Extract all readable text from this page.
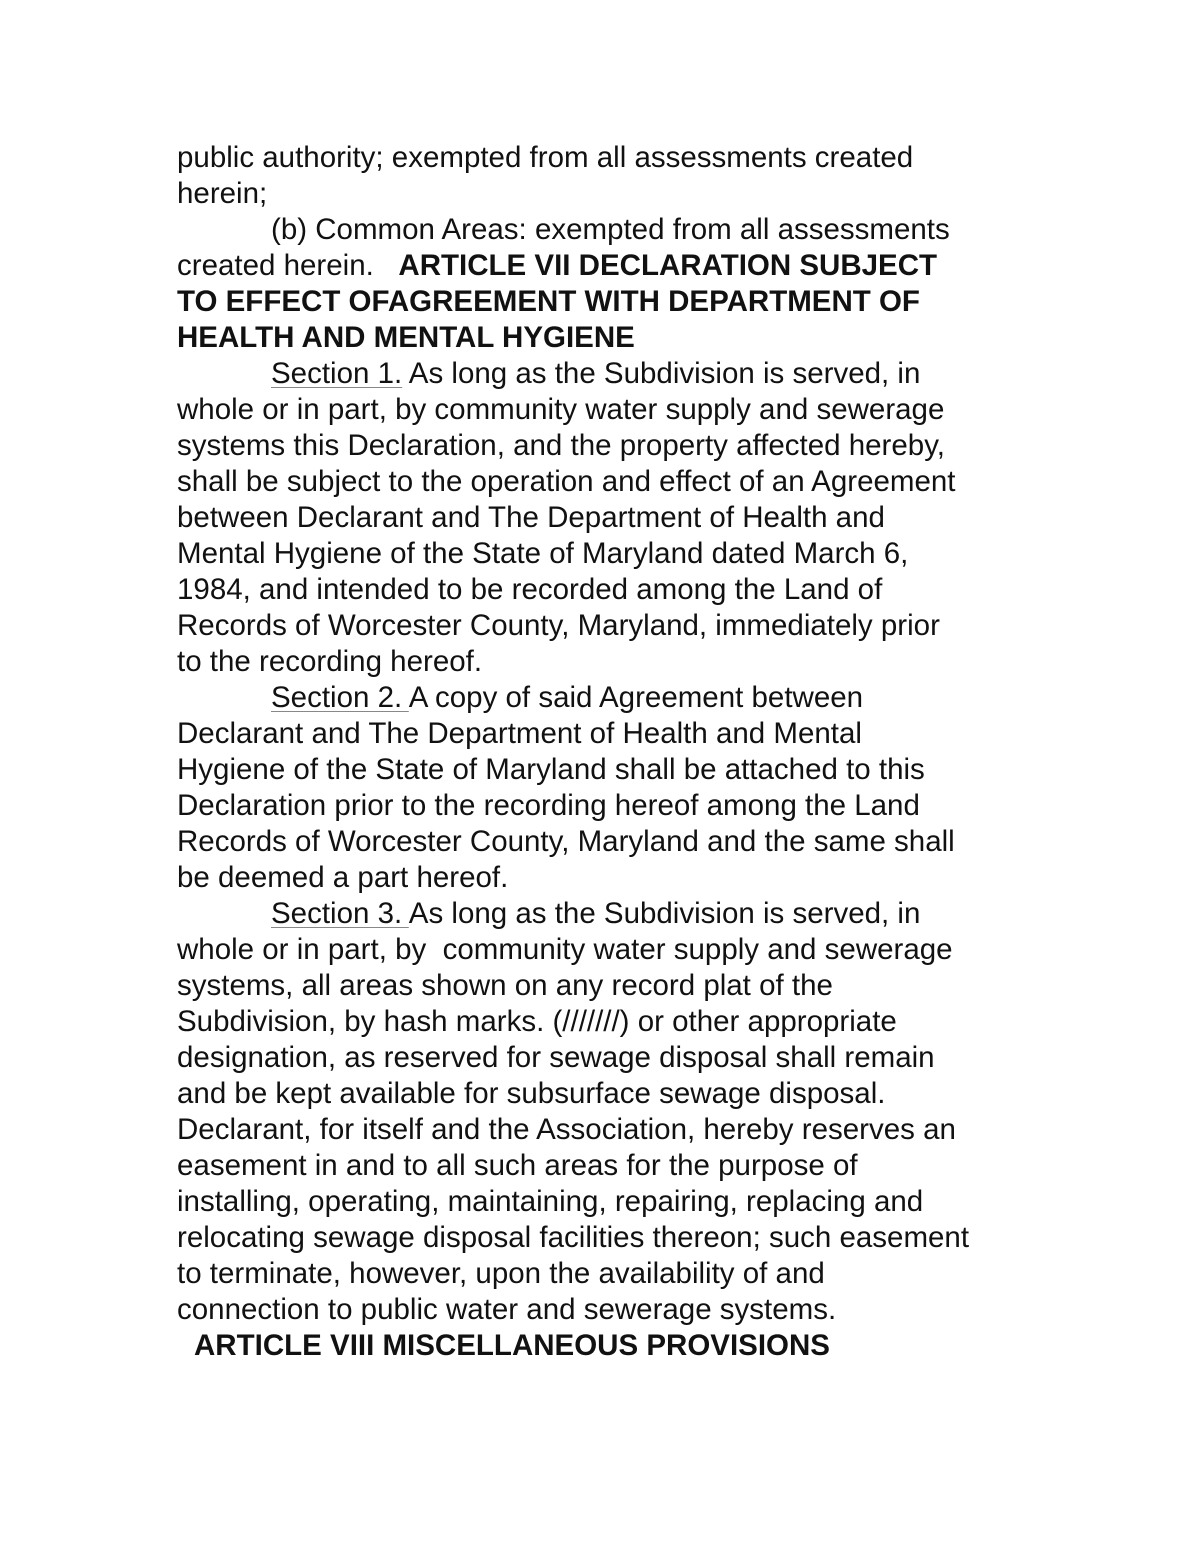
public authority; exempted from all assessments created
herein;
(b) Common Areas: exempted from all assessments
created herein. ARTICLE VII DECLARATION SUBJECT
TO EFFECT OFAGREEMENT WITH DEPARTMENT OF
HEALTH AND MENTAL HYGIENE
Section 1. As long as the Subdivision is served, in
whole or in part, by community water supply and sewerage
systems this Declaration, and the property affected hereby,
shall be subject to the operation and effect of an Agreement
between Declarant and The Department of Health and
Mental Hygiene of the State of Maryland dated March 6,
1984, and intended to be recorded among the Land of
Records of Worcester County, Maryland, immediately prior
to the recording hereof.
Section 2. A copy of said Agreement between
Declarant and The Department of Health and Mental
Hygiene of the State of Maryland shall be attached to this
Declaration prior to the recording hereof among the Land
Records of Worcester County, Maryland and the same shall
be deemed a part hereof.
Section 3. As long as the Subdivision is served, in
whole or in part, by  community water supply and sewerage
systems, all areas shown on any record plat of the
Subdivision, by hash marks. (///////) or other appropriate
designation, as reserved for sewage disposal shall remain
and be kept available for subsurface sewage disposal.
Declarant, for itself and the Association, hereby reserves an
easement in and to all such areas for the purpose of
installing, operating, maintaining, repairing, replacing and
relocating sewage disposal facilities thereon; such easement
to terminate, however, upon the availability of and
connection to public water and sewerage systems.
ARTICLE VIII MISCELLANEOUS PROVISIONS
